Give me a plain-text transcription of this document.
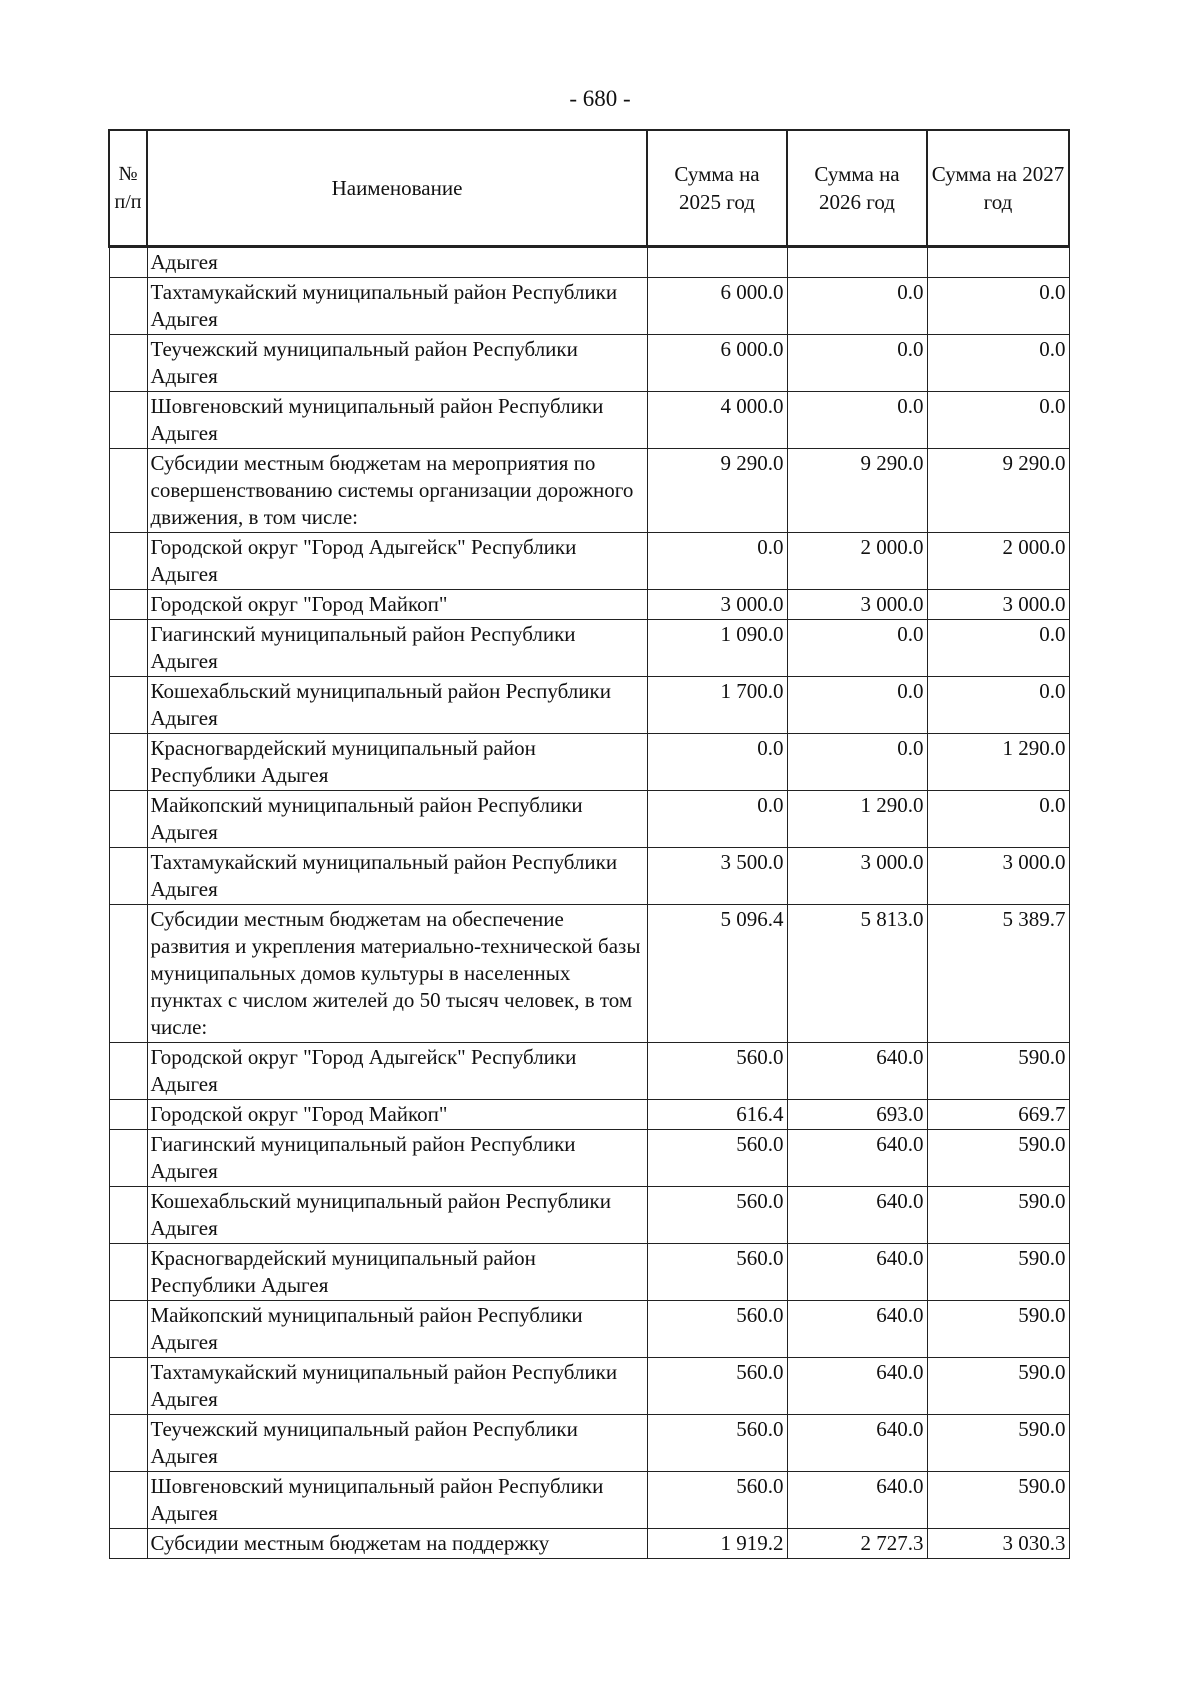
- 680 -
№ п/п	Наименование	Сумма на 2025 год	Сумма на 2026 год	Сумма на 2027 год
	Адыгея			
	Тахтамукайский муниципальный район Республики Адыгея	6 000.0	0.0	0.0
	Теучежский муниципальный район Республики Адыгея	6 000.0	0.0	0.0
	Шовгеновский муниципальный район Республики Адыгея	4 000.0	0.0	0.0
	Субсидии местным бюджетам на мероприятия по совершенствованию системы организации дорожного движения, в том числе:	9 290.0	9 290.0	9 290.0
	Городской округ "Город Адыгейск" Республики Адыгея	0.0	2 000.0	2 000.0
	Городской округ "Город Майкоп"	3 000.0	3 000.0	3 000.0
	Гиагинский муниципальный район Республики Адыгея	1 090.0	0.0	0.0
	Кошехабльский муниципальный район Республики Адыгея	1 700.0	0.0	0.0
	Красногвардейский муниципальный район Республики Адыгея	0.0	0.0	1 290.0
	Майкопский муниципальный район Республики Адыгея	0.0	1 290.0	0.0
	Тахтамукайский муниципальный район Республики Адыгея	3 500.0	3 000.0	3 000.0
	Субсидии местным бюджетам на обеспечение развития и укрепления материально-технической базы муниципальных домов культуры в населенных пунктах с числом жителей до 50 тысяч человек, в том числе:	5 096.4	5 813.0	5 389.7
	Городской округ "Город Адыгейск" Республики Адыгея	560.0	640.0	590.0
	Городской округ "Город Майкоп"	616.4	693.0	669.7
	Гиагинский муниципальный район Республики Адыгея	560.0	640.0	590.0
	Кошехабльский муниципальный район Республики Адыгея	560.0	640.0	590.0
	Красногвардейский муниципальный район Республики Адыгея	560.0	640.0	590.0
	Майкопский муниципальный район Республики Адыгея	560.0	640.0	590.0
	Тахтамукайский муниципальный район Республики Адыгея	560.0	640.0	590.0
	Теучежский муниципальный район Республики Адыгея	560.0	640.0	590.0
	Шовгеновский муниципальный район Республики Адыгея	560.0	640.0	590.0
	Субсидии местным бюджетам на поддержку	1 919.2	2 727.3	3 030.3
